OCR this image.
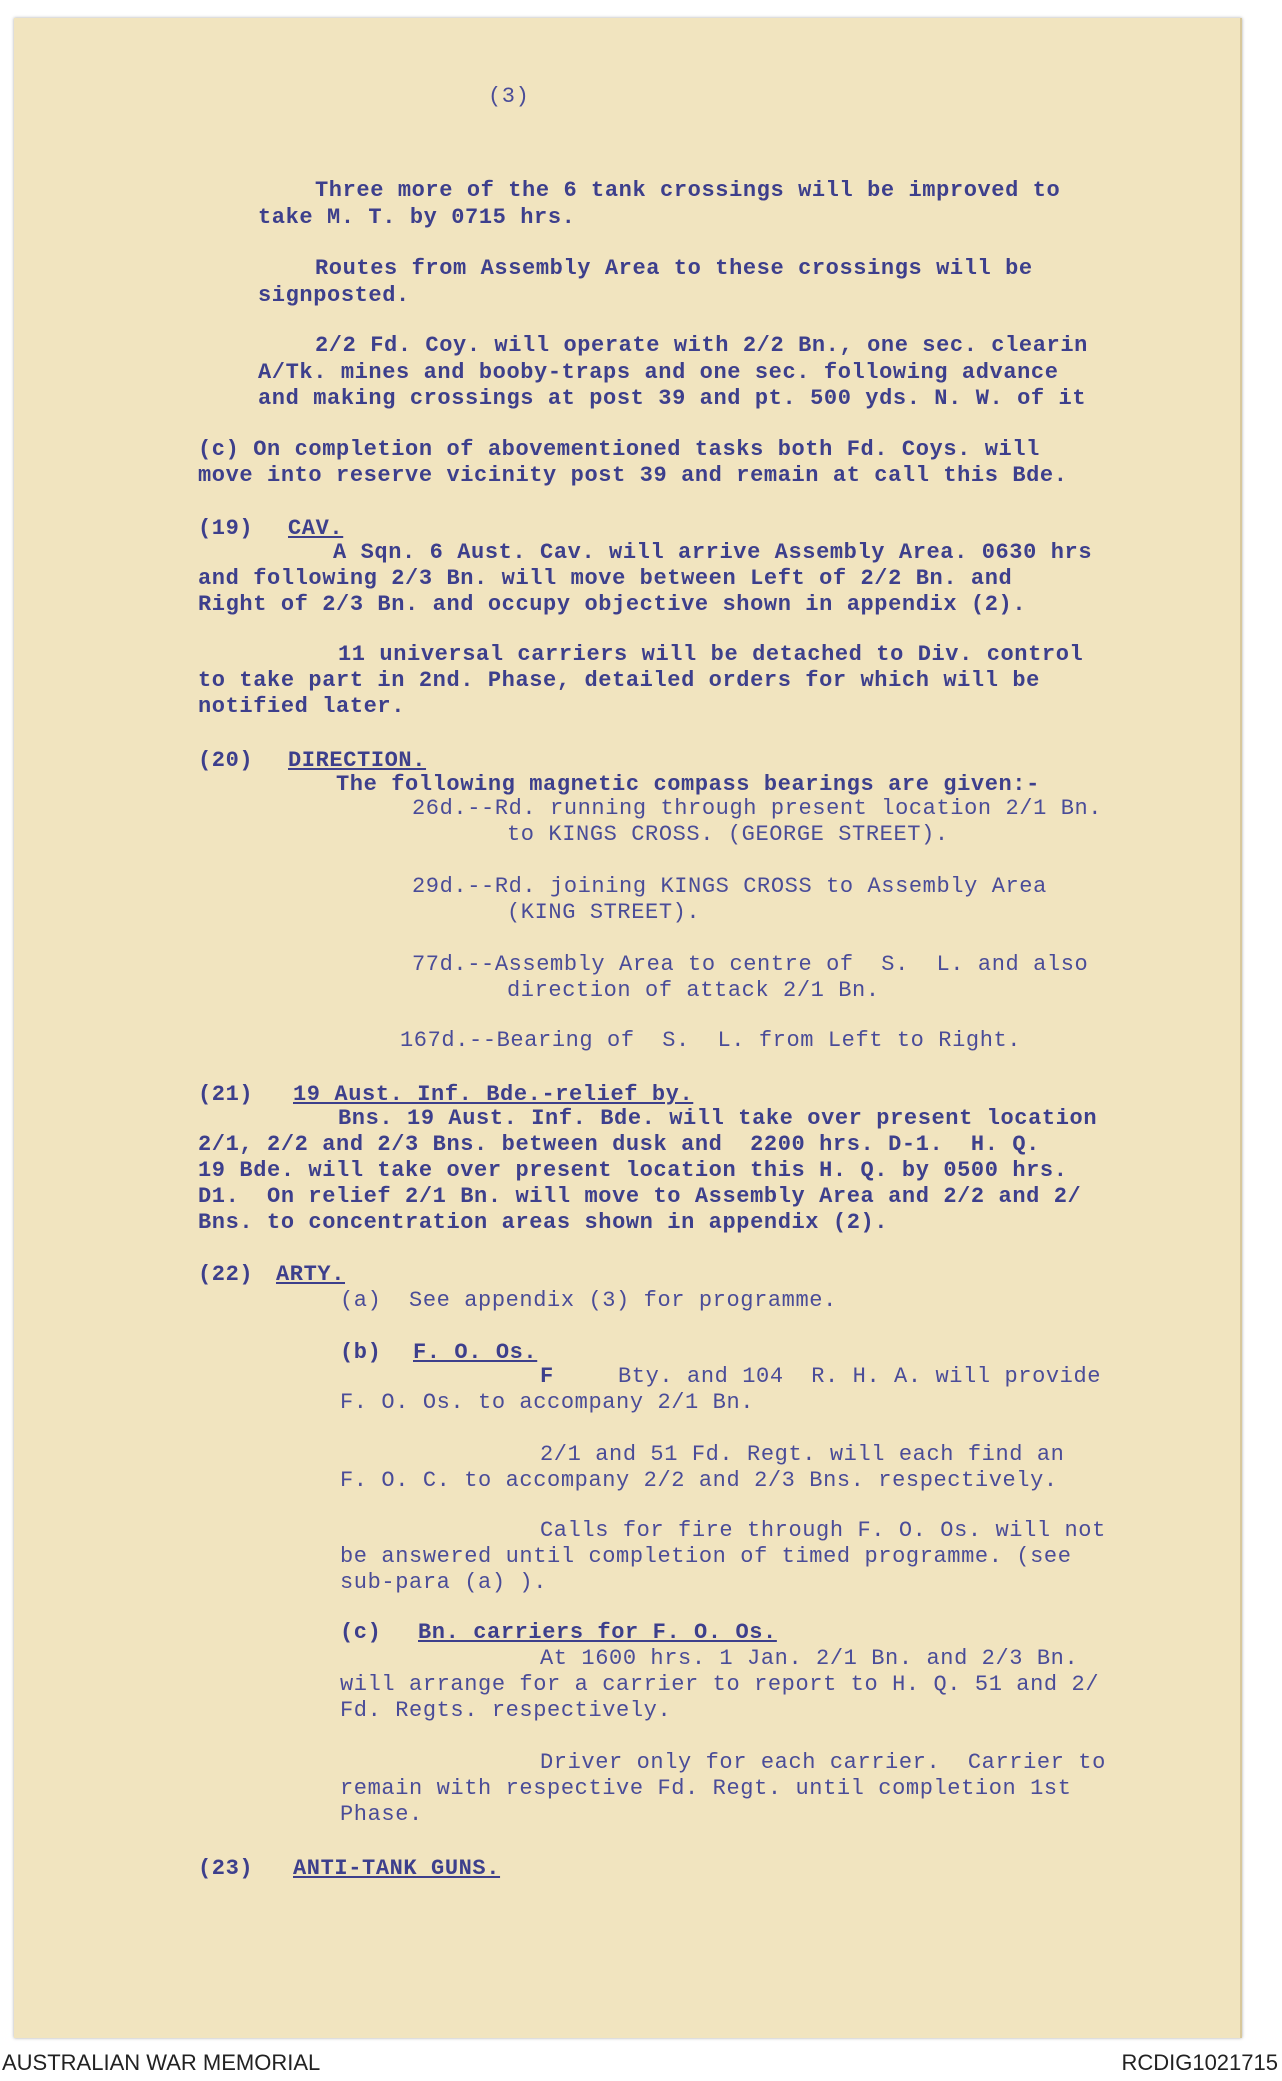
(3)
Three more of the 6 tank crossings will be improved to
take M. T. by 0715 hrs.
Routes from Assembly Area to these crossings will be
signposted.
2/2 Fd. Coy. will operate with 2/2 Bn., one sec. clearin
A/Tk. mines and booby-traps and one sec. following advance
and making crossings at post 39 and pt. 500 yds. N. W. of it
(c) On completion of abovementioned tasks both Fd. Coys. will
move into reserve vicinity post 39 and remain at call this Bde.
(19) CAV.
A Sqn. 6 Aust. Cav. will arrive Assembly Area. 0630 hrs
and following 2/3 Bn. will move between Left of 2/2 Bn. and
Right of 2/3 Bn. and occupy objective shown in appendix (2).
11 universal carriers will be detached to Div. control
to take part in 2nd. Phase, detailed orders for which will be
notified later.
(20) DIRECTION.
The following magnetic compass bearings are given:-
26d.--Rd. running through present location 2/1 Bn.
to KINGS CROSS. (GEORGE STREET).
29d.--Rd. joining KINGS CROSS to Assembly Area
(KING STREET).
77d.--Assembly Area to centre of  S.  L. and also
direction of attack 2/1 Bn.
167d.--Bearing of  S.  L. from Left to Right.
(21) 19 Aust. Inf. Bde.-relief by.
Bns. 19 Aust. Inf. Bde. will take over present location
2/1, 2/2 and 2/3 Bns. between dusk and  2200 hrs. D-1.  H. Q.
19 Bde. will take over present location this H. Q. by 0500 hrs.
D1.  On relief 2/1 Bn. will move to Assembly Area and 2/2 and 2/
Bns. to concentration areas shown in appendix (2).
(22) ARTY.
(a)  See appendix (3) for programme.
(b) F. O. Os.
F	Bty. and 104  R. H. A. will provide
F. O. Os. to accompany 2/1 Bn.
2/1 and 51 Fd. Regt. will each find an
F. O. C. to accompany 2/2 and 2/3 Bns. respectively.
Calls for fire through F. O. Os. will not
be answered until completion of timed programme. (see
sub-para (a) ).
(c) Bn. carriers for F. O. Os.
At 1600 hrs. 1 Jan. 2/1 Bn. and 2/3 Bn.
will arrange for a carrier to report to H. Q. 51 and 2/
Fd. Regts. respectively.
Driver only for each carrier.  Carrier to
remain with respective Fd. Regt. until completion 1st
Phase.
(23) ANTI-TANK GUNS.
AUSTRALIAN WAR MEMORIAL	RCDIG1021715
